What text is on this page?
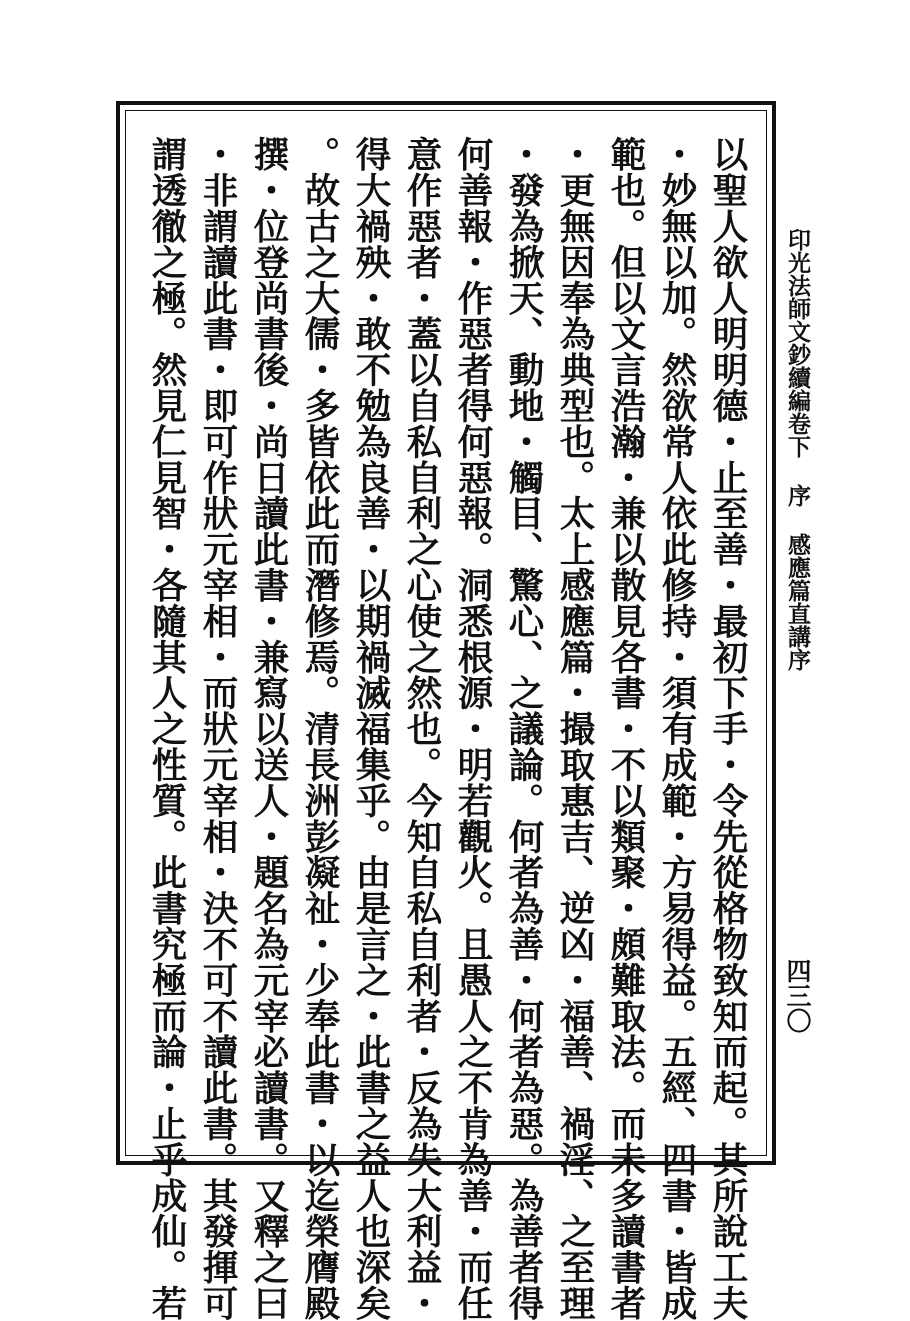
印光法師文鈔續編卷下序感應篇直講序
四三〇
以聖人欲人明明德・止至善・最初下手・令先從格物致知而起。其所說工夫
・妙無以加。然欲常人依此修持・須有成範・方易得益。五經、四書・皆成
範也。但以文言浩瀚・兼以散見各書・不以類聚・頗難取法。而未多讀書者
・更無因奉為典型也。太上感應篇・撮取惠吉、逆凶・福善、禍淫、之至理
・發為掀天、動地・觸目、驚心、之議論。何者為善・何者為惡。為善者得
何善報・作惡者得何惡報。洞悉根源・明若觀火。且愚人之不肯為善・而任
意作惡者・蓋以自私自利之心使之然也。今知自私自利者・反為失大利益・
得大禍殃・敢不勉為良善・以期禍滅福集乎。由是言之・此書之益人也深矣
。故古之大儒・多皆依此而潛修焉。清長洲彭凝祉・少奉此書・以迄榮膺殿
撰・位登尚書後・尚日讀此書・兼寫以送人・題名為元宰必讀書。又釋之曰
・非謂讀此書・即可作狀元宰相・而狀元宰相・決不可不讀此書。其發揮可
謂透徹之極。然見仁見智・各隨其人之性質。此書究極而論・止乎成仙。若
